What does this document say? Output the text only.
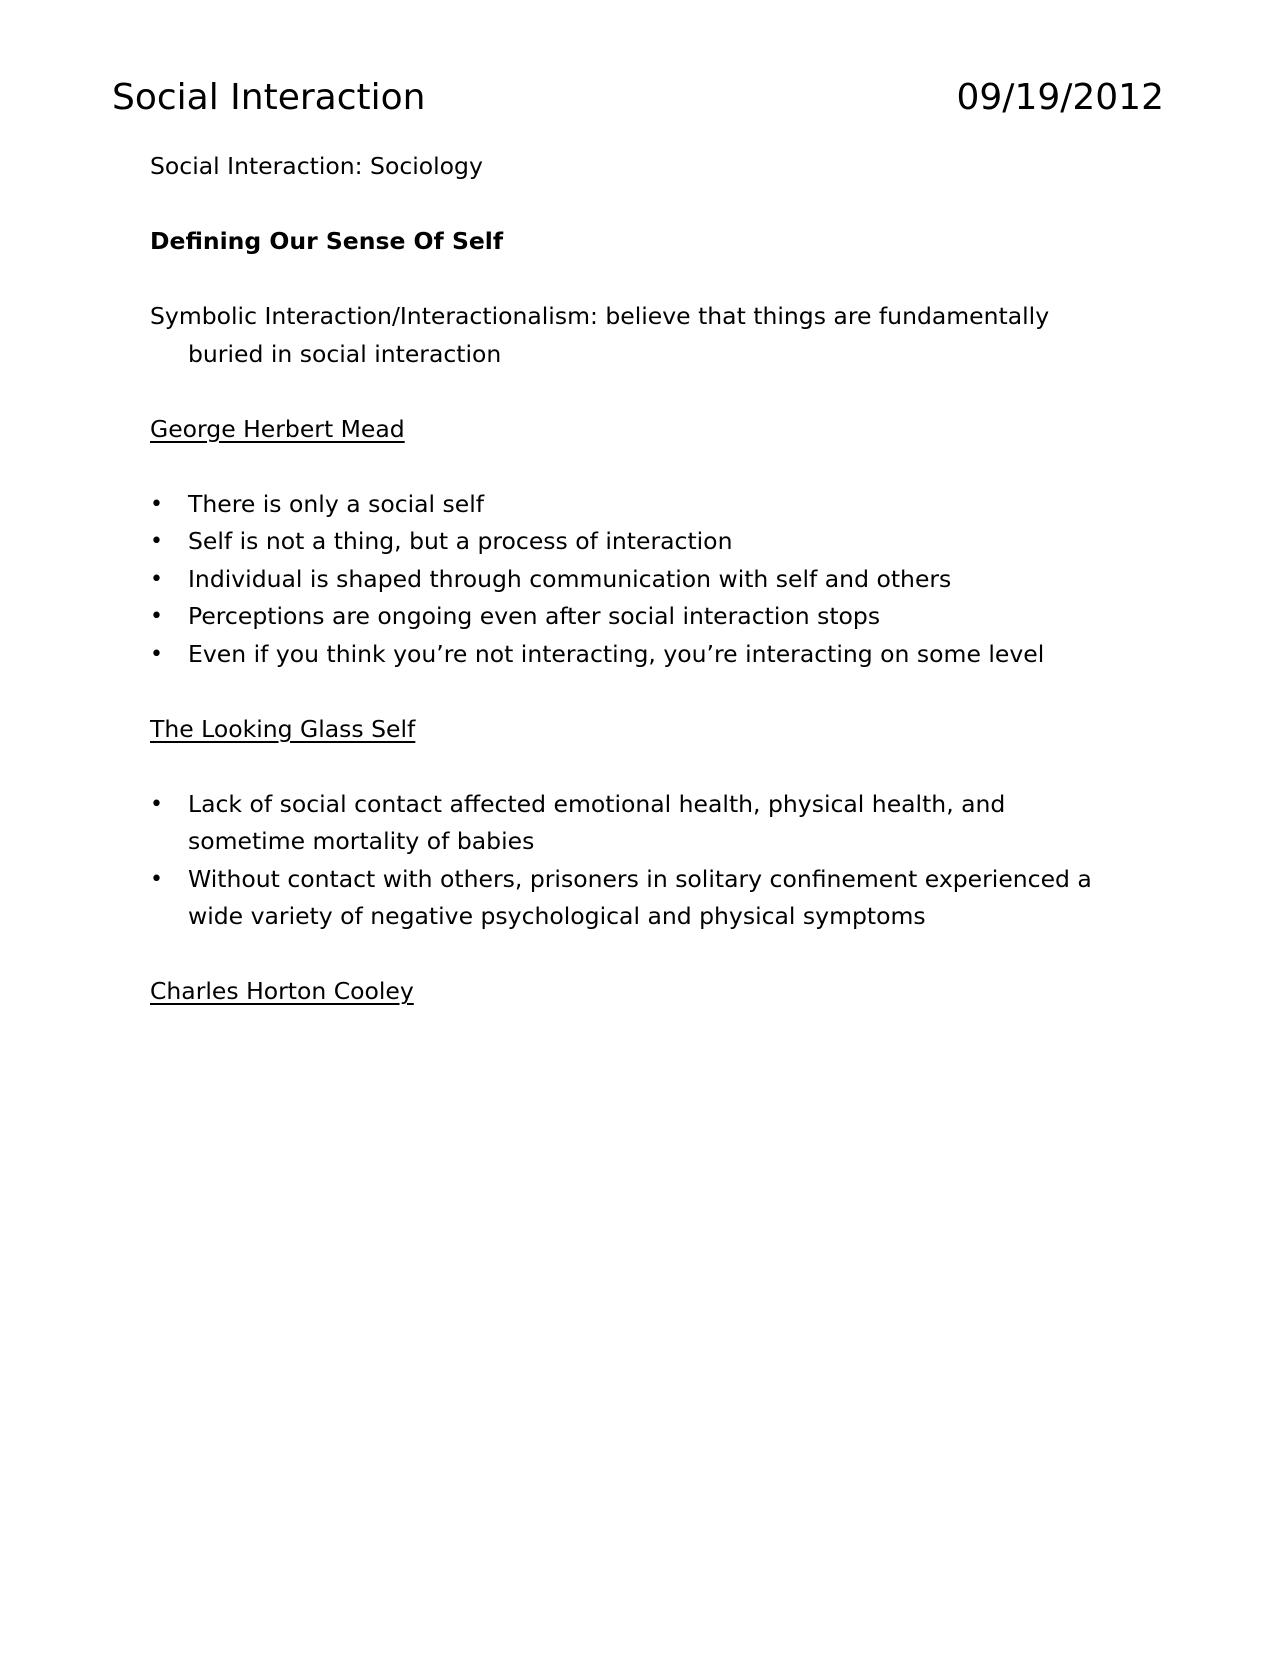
Social Interaction	09/19/2012

Social Interaction: Sociology

Defining Our Sense Of Self

Symbolic Interaction/Interactionalism: believe that things are fundamentally buried in social interaction

George Herbert Mead

• There is only a social self
• Self is not a thing, but a process of interaction
• Individual is shaped through communication with self and others
• Perceptions are ongoing even after social interaction stops
• Even if you think you’re not interacting, you’re interacting on some level

The Looking Glass Self

• Lack of social contact affected emotional health, physical health, and sometime mortality of babies
• Without contact with others, prisoners in solitary confinement experienced a wide variety of negative psychological and physical symptoms

Charles Horton Cooley
